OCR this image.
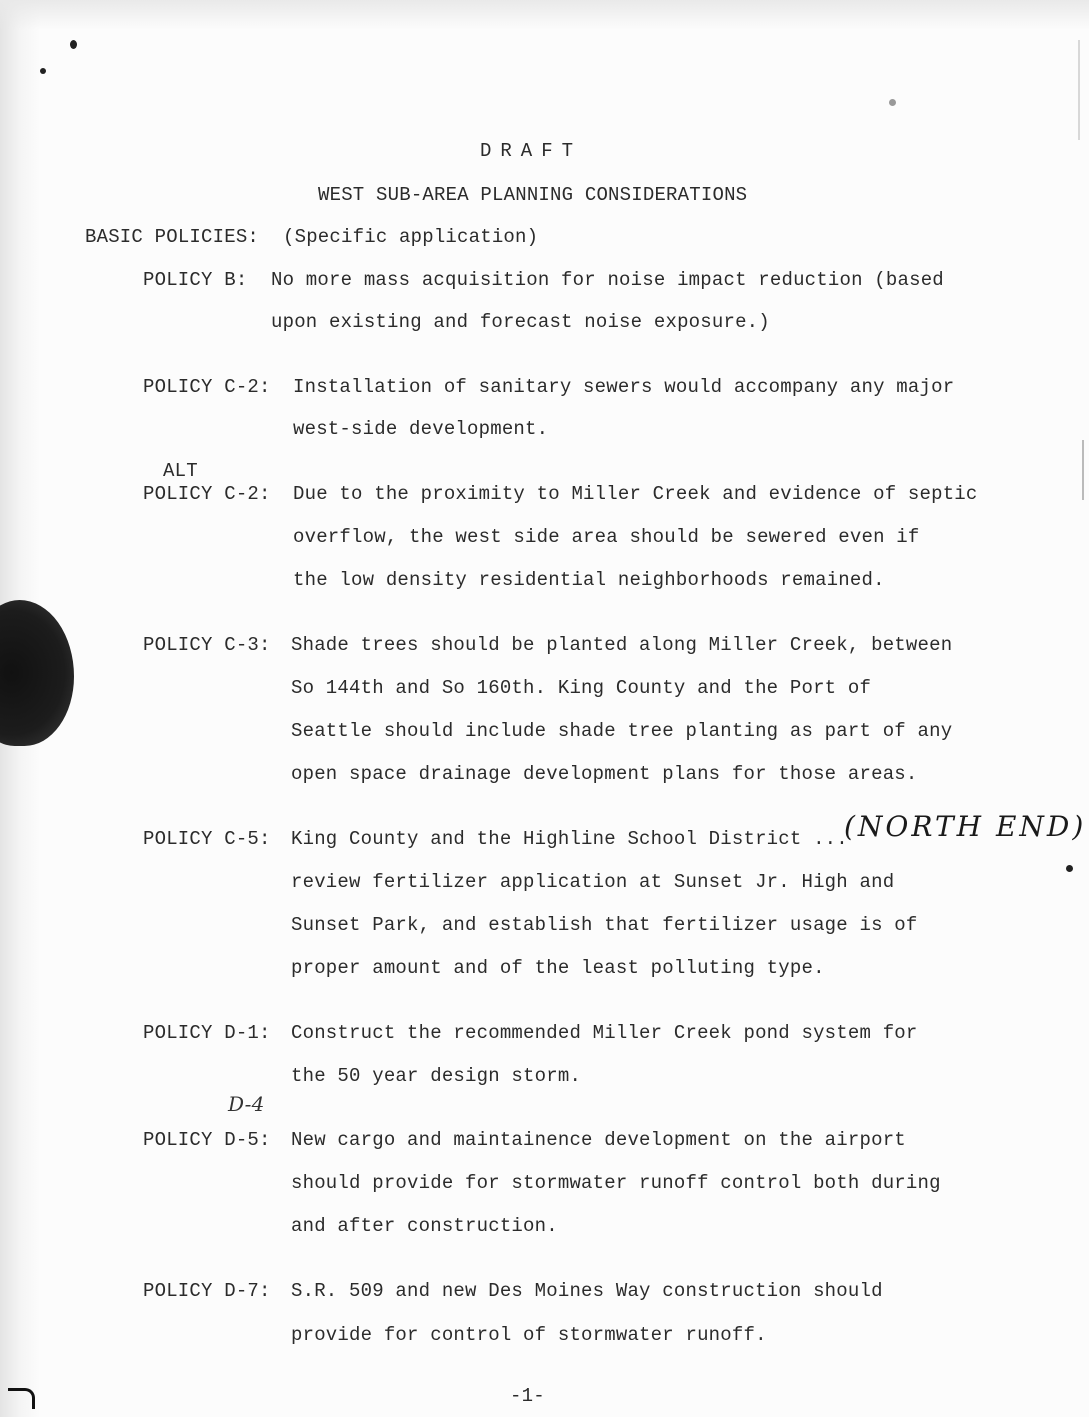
DRAFT
WEST SUB-AREA PLANNING CONSIDERATIONS
BASIC POLICIES: (Specific application)
POLICY B: No more mass acquisition for noise impact reduction (based
upon existing and forecast noise exposure.)
POLICY C-2: Installation of sanitary sewers would accompany any major
west-side development.
ALT
POLICY C-2: Due to the proximity to Miller Creek and evidence of septic
overflow, the west side area should be sewered even if
the low density residential neighborhoods remained.
POLICY C-3: Shade trees should be planted along Miller Creek, between
So 144th and So 160th. King County and the Port of
Seattle should include shade tree planting as part of any
open space drainage development plans for those areas.
POLICY C-5: King County and the Highline School District ...
(NORTH END)
review fertilizer application at Sunset Jr. High and
Sunset Park, and establish that fertilizer usage is of
proper amount and of the least polluting type.
POLICY D-1: Construct the recommended Miller Creek pond system for
the 50 year design storm.
D-4
POLICY D-5: New cargo and maintainence development on the airport
should provide for stormwater runoff control both during
and after construction.
POLICY D-7: S.R. 509 and new Des Moines Way construction should
provide for control of stormwater runoff.
-1-
